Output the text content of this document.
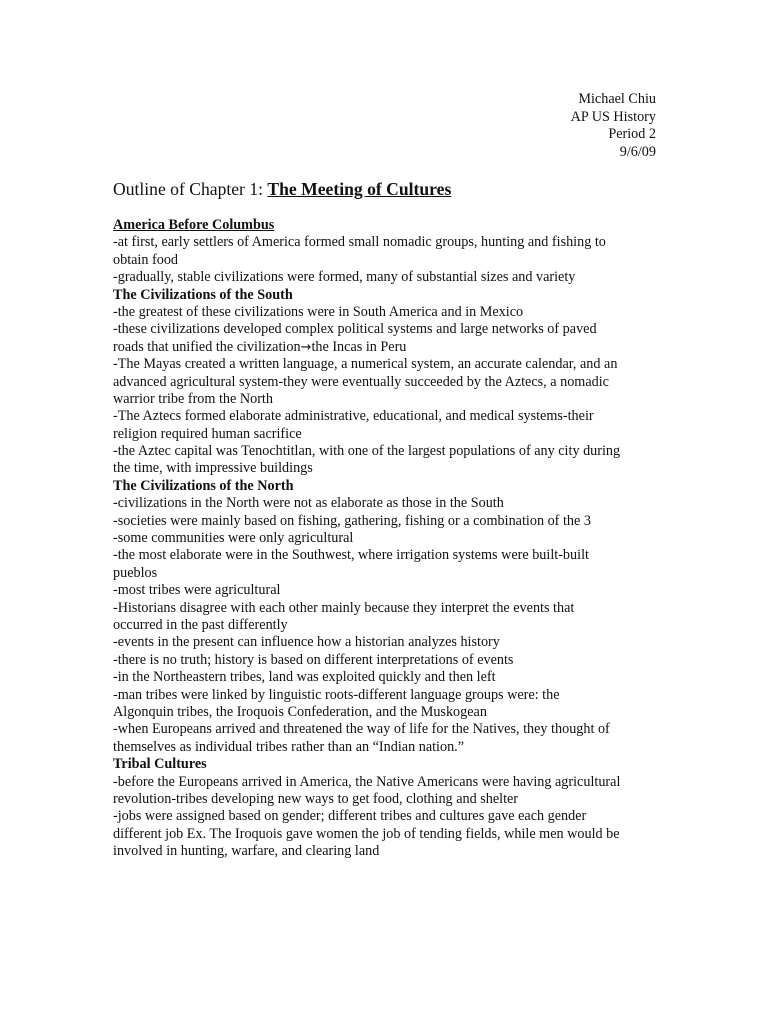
Michael Chiu
AP US History
Period 2
9/6/09
Outline of Chapter 1: The Meeting of Cultures
America Before Columbus
-at first, early settlers of America formed small nomadic groups, hunting and fishing to
obtain food
-gradually, stable civilizations were formed, many of substantial sizes and variety
The Civilizations of the South
-the greatest of these civilizations were in South America and in Mexico
-these civilizations developed complex political systems and large networks of paved
roads that unified the civilization→the Incas in Peru
-The Mayas created a written language, a numerical system, an accurate calendar, and an
advanced agricultural system-they were eventually succeeded by the Aztecs, a nomadic
warrior tribe from the North
-The Aztecs formed elaborate administrative, educational, and medical systems-their
religion required human sacrifice
-the Aztec capital was Tenochtitlan, with one of the largest populations of any city during
the time, with impressive buildings
The Civilizations of the North
-civilizations in the North were not as elaborate as those in the South
-societies were mainly based on fishing, gathering, fishing or a combination of the 3
-some communities were only agricultural
-the most elaborate were in the Southwest, where irrigation systems were built-built
pueblos
-most tribes were agricultural
-Historians disagree with each other mainly because they interpret the events that
occurred in the past differently
-events in the present can influence how a historian analyzes history
-there is no truth; history is based on different interpretations of events
-in the Northeastern tribes, land was exploited quickly and then left
-man tribes were linked by linguistic roots-different language groups were: the
Algonquin tribes, the Iroquois Confederation, and the Muskogean
-when Europeans arrived and threatened the way of life for the Natives, they thought of
themselves as individual tribes rather than an “Indian nation.”
Tribal Cultures
-before the Europeans arrived in America, the Native Americans were having agricultural
revolution-tribes developing new ways to get food, clothing and shelter
-jobs were assigned based on gender; different tribes and cultures gave each gender
different job Ex. The Iroquois gave women the job of tending fields, while men would be
involved in hunting, warfare, and clearing land
